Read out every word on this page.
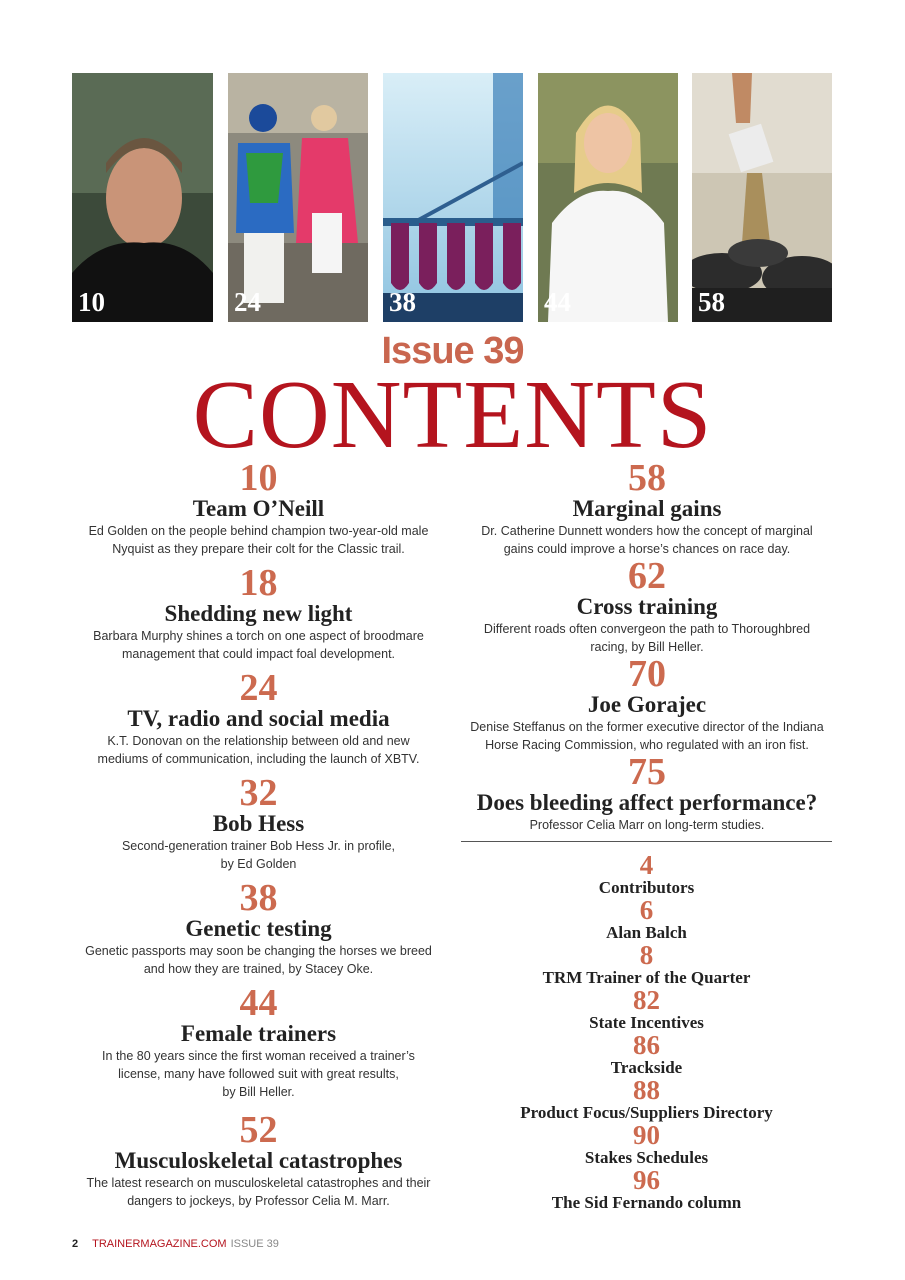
10	24	38	44	58
Issue 39
CONTENTS
10
Team O’Neill
Ed Golden on the people behind champion two-year-old male
Nyquist as they prepare their colt for the Classic trail.
18
Shedding new light
Barbara Murphy shines a torch on one aspect of broodmare
management that could impact foal development.
24
TV, radio and social media
K.T. Donovan on the relationship between old and new
mediums of communication, including the launch of XBTV.
32
Bob Hess
Second-generation trainer Bob Hess Jr. in profile,
by Ed Golden
38
Genetic testing
Genetic passports may soon be changing the horses we breed
and how they are trained, by Stacey Oke.
44
Female trainers
In the 80 years since the first woman received a trainer’s
license, many have followed suit with great results,
by Bill Heller.
52
Musculoskeletal catastrophes
The latest research on musculoskeletal catastrophes and their
dangers to jockeys, by Professor Celia M. Marr.
58
Marginal gains
Dr. Catherine Dunnett wonders how the concept of marginal
gains could improve a horse’s chances on race day.
62
Cross training
Different roads often convergeon the path to Thoroughbred
racing, by Bill Heller.
70
Joe Gorajec
Denise Steffanus on the former executive director of the Indiana
Horse Racing Commission, who regulated with an iron fist.
75
Does bleeding affect performance?
Professor Celia Marr on long-term studies.
4
Contributors
6
Alan Balch
8
TRM Trainer of the Quarter
82
State Incentives
86
Trackside
88
Product Focus/Suppliers Directory
90
Stakes Schedules
96
The Sid Fernando column
2 TRAINERMAGAZINE.COM ISSUE 39
